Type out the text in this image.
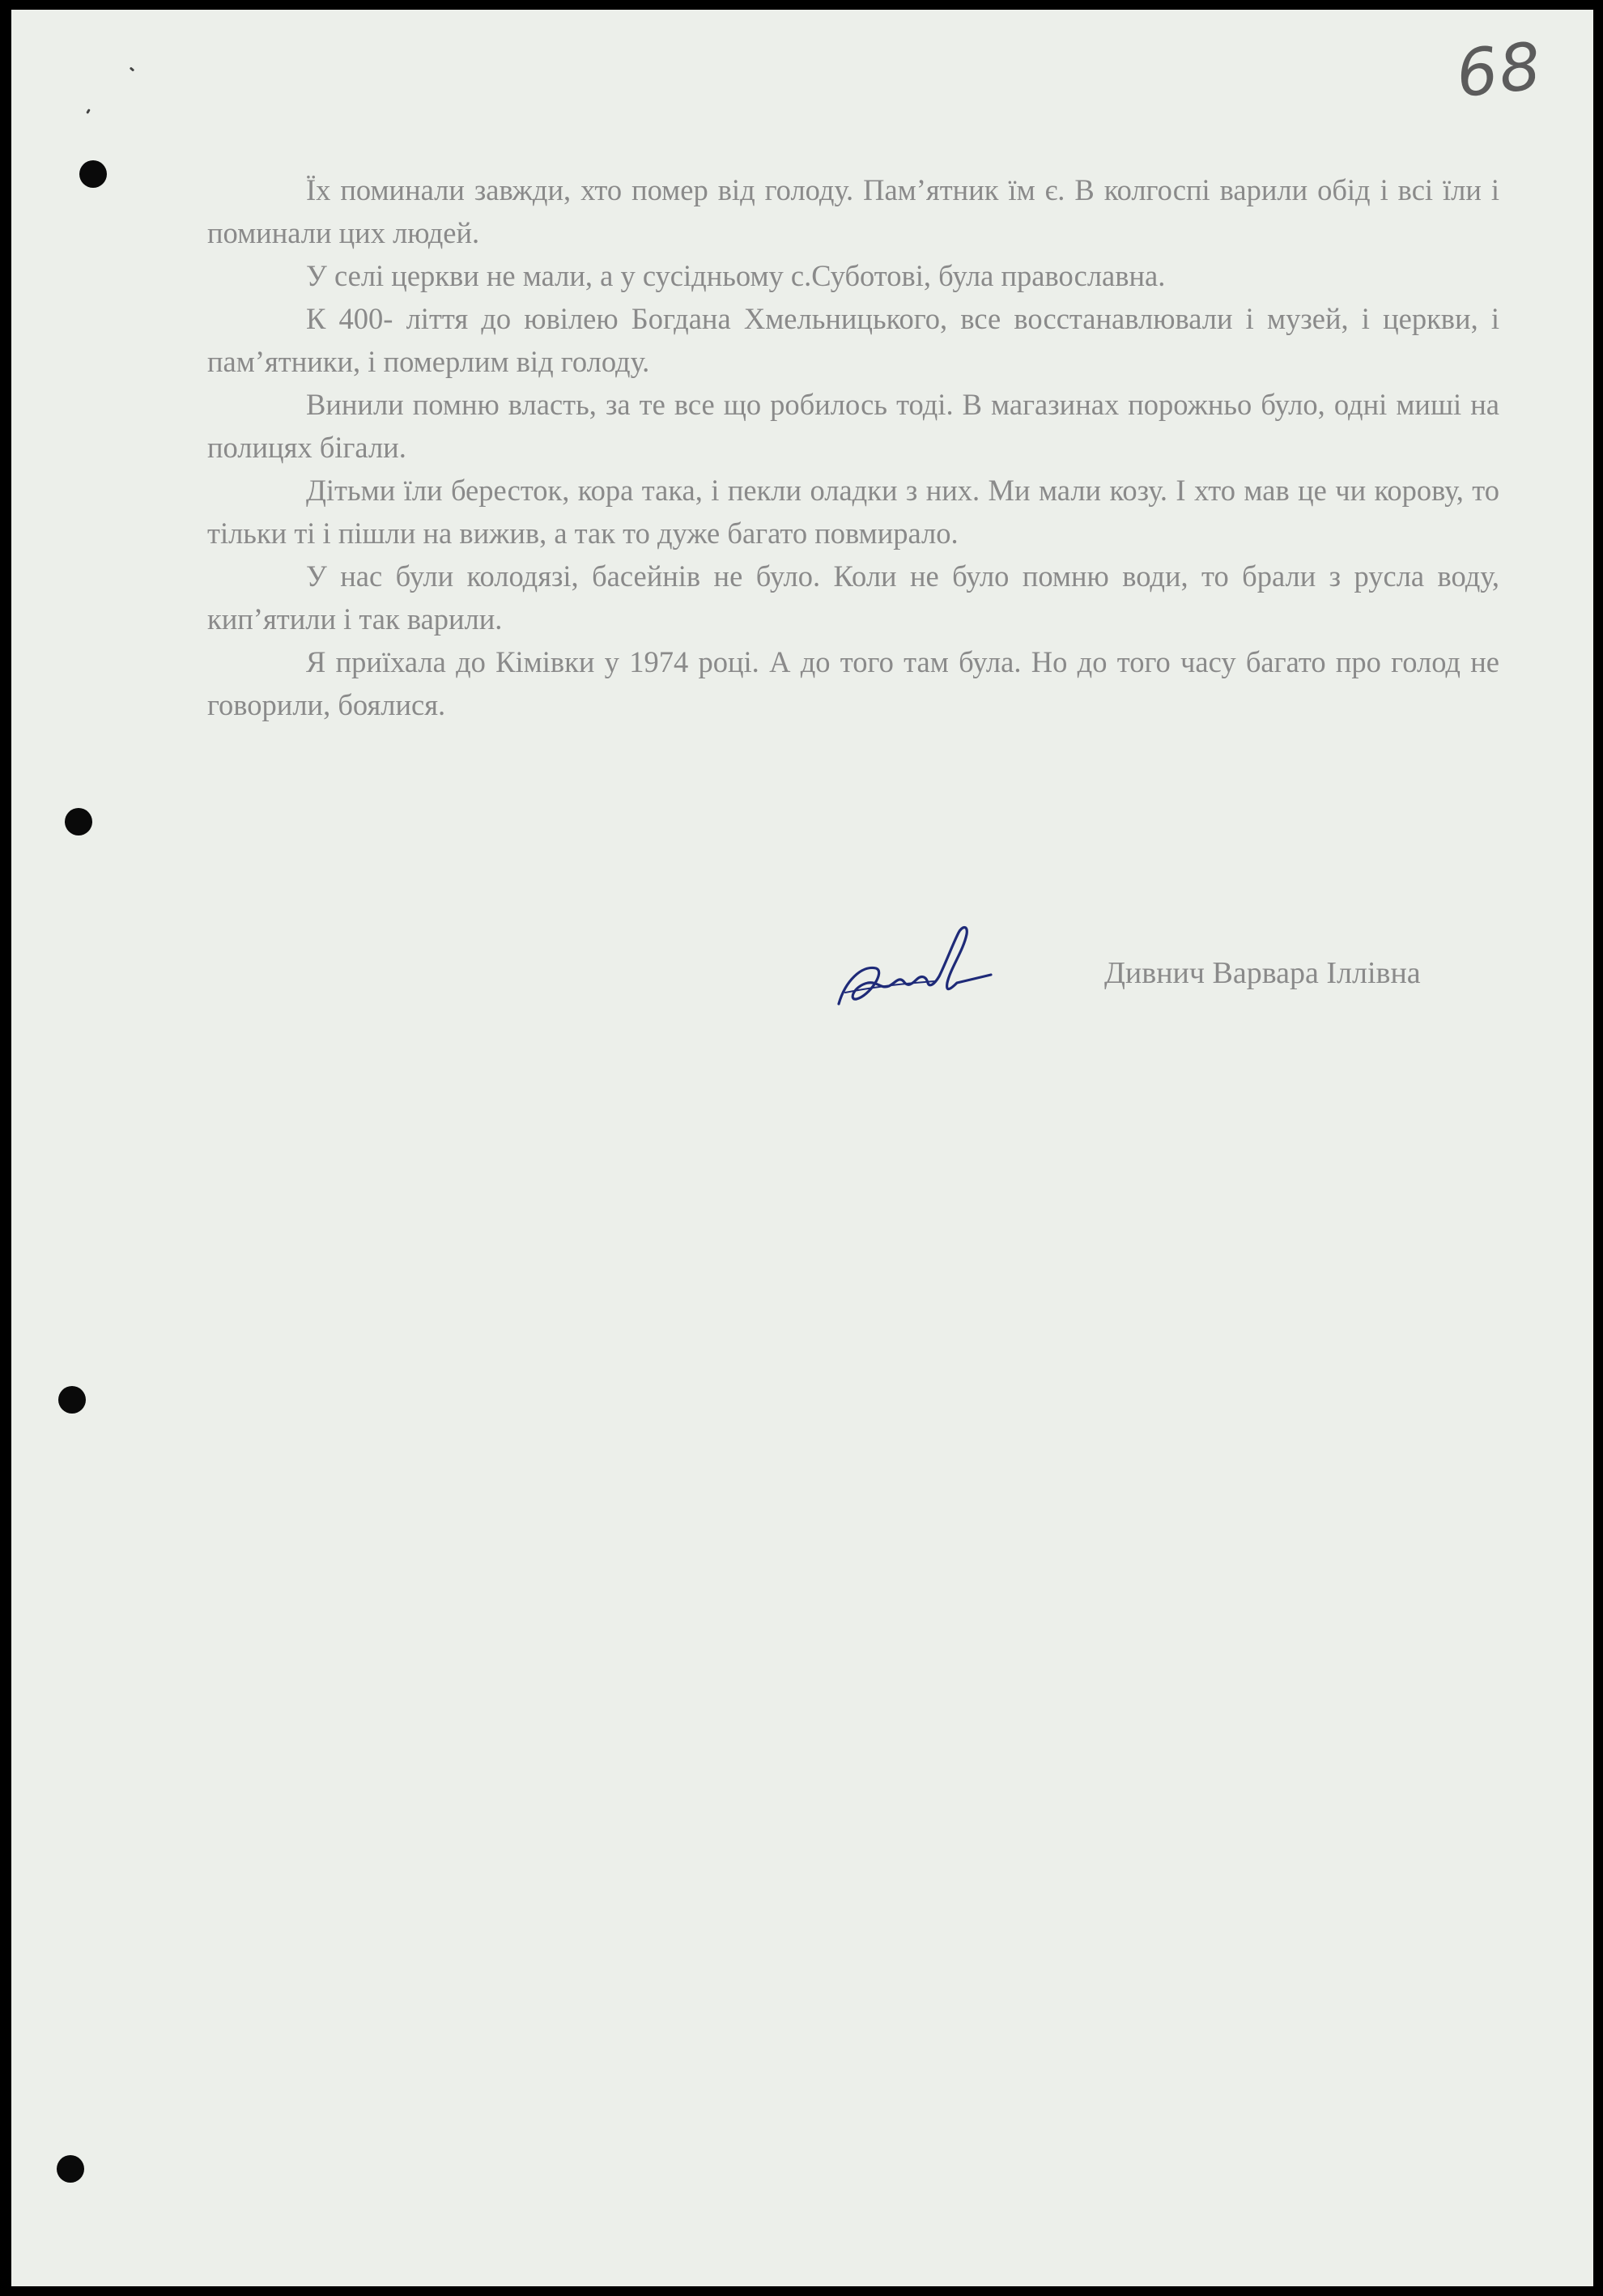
68

Їх поминали завжди, хто помер від голоду. Пам’ятник їм є. В колгоспі варили обід і всі їли і поминали цих людей.

У селі церкви не мали, а у сусідньому с.Суботові, була православна.

К 400- ліття до ювілею Богдана Хмельницького, все восстанавлювали і музей, і церкви, і пам’ятники, і померлим від голоду.

Винили помню власть, за те все що робилось тоді. В магазинах порожньо було, одні миші на полицях бігали.

Дітьми їли бересток, кора така, і пекли оладки з них. Ми мали козу. І хто мав це чи корову, то тільки ті і пішли на вижив, а так то дуже багато повмирало.

У нас були колодязі, басейнів не було. Коли не було помню води, то брали з русла воду, кип’ятили і так варили.

Я приїхала до Кімівки у 1974 році. А до того там була. Но до того часу багато про голод не говорили, боялися.

Дивнич Варвара Іллівна
